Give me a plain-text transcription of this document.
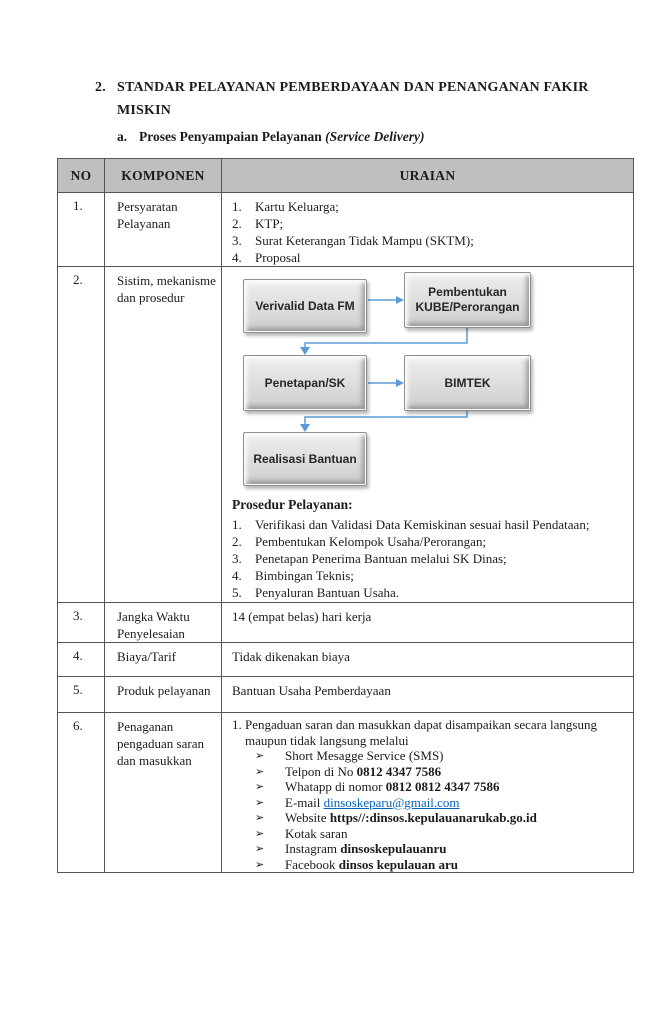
2. STANDAR PELAYANAN PEMBERDAYAAN DAN PENANGANAN FAKIR
MISKIN
a. Proses Penyampaian Pelayanan (Service Delivery)
NO	KOMPONEN	URAIAN
1.	Persyaratan Pelayanan	
1.	Kartu Keluarga;
2.	KTP;
3.	Surat Keterangan Tidak Mampu (SKTM);
4.	Proposal

2.	Sistim, mekanisme dan prosedur	
Verivalid Data FM
Pembentukan KUBE/Perorangan
Penetapan/SK	BIMTEK
Realisasi Bantuan
Prosedur Pelayanan:
1.	Verifikasi dan Validasi Data Kemiskinan sesuai hasil Pendataan;
2.	Pembentukan Kelompok Usaha/Perorangan;
3.	Penetapan Penerima Bantuan melalui SK Dinas;
4.	Bimbingan Teknis;
5.	Penyaluran Bantuan Usaha.

3.	Jangka Waktu Penyelesaian	14 (empat belas) hari kerja
4.	Biaya/Tarif	Tidak dikenakan biaya
5.	Produk pelayanan	Bantuan Usaha Pemberdayaan
6.	Penaganan pengaduan saran dan masukkan	
1. Pengaduan saran dan masukkan dapat disampaikan secara langsung
maupun tidak langsung melalui
➢	Short Mesagge Service (SMS)
➢	Telpon di No 0812 4347 7586
➢	Whatapp di nomor 0812 0812 4347 7586
➢	E-mail dinsoskeparu@gmail.com
➢	Website https//:dinsos.kepulauanarukab.go.id
➢	Kotak saran
➢	Instagram dinsoskepulauanru
➢	Facebook dinsos kepulauan aru
